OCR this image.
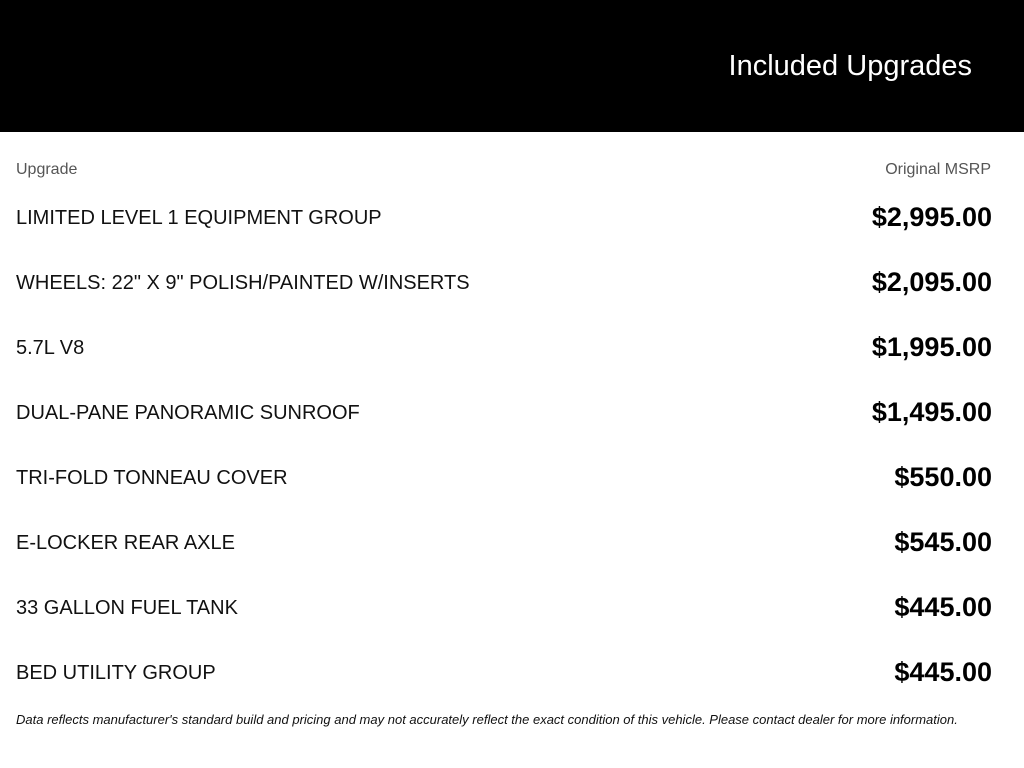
Included Upgrades
Upgrade	Original MSRP
LIMITED LEVEL 1 EQUIPMENT GROUP	$2,995.00
WHEELS: 22" X 9" POLISH/PAINTED W/INSERTS	$2,095.00
5.7L V8	$1,995.00
DUAL-PANE PANORAMIC SUNROOF	$1,495.00
TRI-FOLD TONNEAU COVER	$550.00
E-LOCKER REAR AXLE	$545.00
33 GALLON FUEL TANK	$445.00
BED UTILITY GROUP	$445.00

Data reflects manufacturer's standard build and pricing and may not accurately reflect the exact condition of this vehicle. Please contact dealer for more information.
